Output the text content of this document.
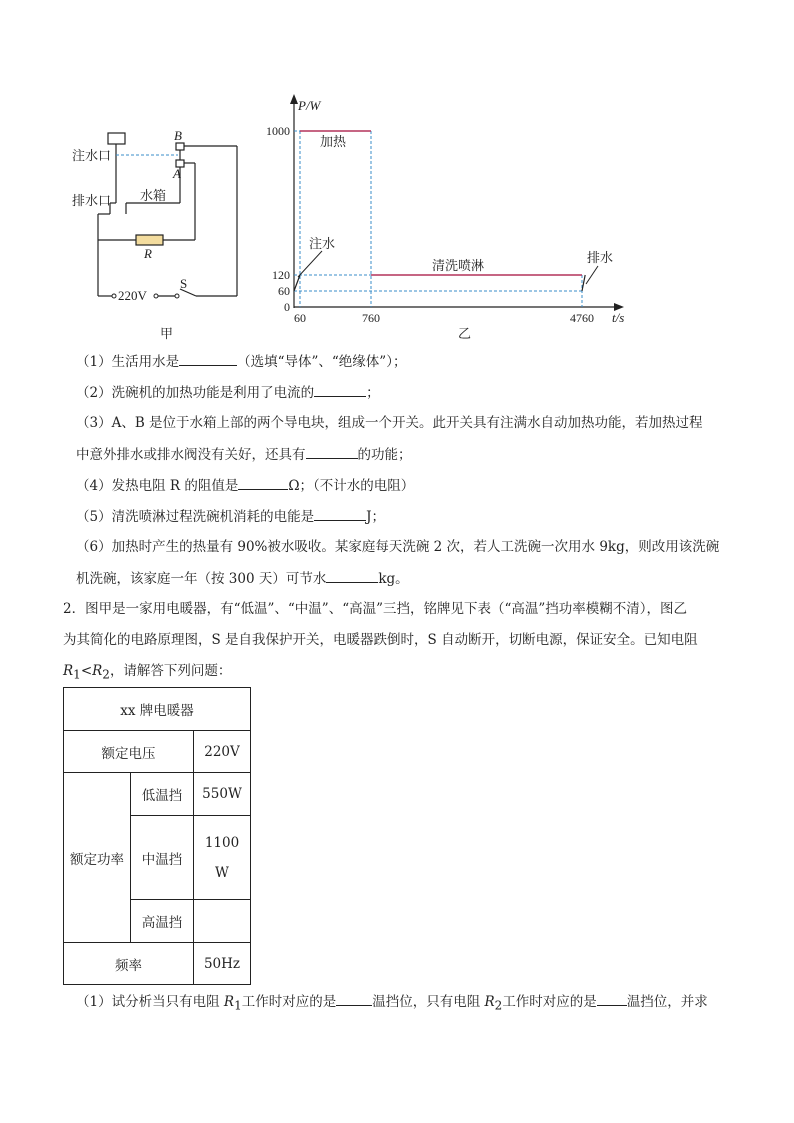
注水口
排水口 水箱
B
A
R
220V
S
甲
1000
120
60
0
60	760	4760
加热
注水
清洗喷淋
排水
P/W
t/s
乙
（1）生活用水是	（选填“导体”、“绝缘体”）；
（2）洗碗机的加热功能是利用了电流的	；
（3）A、B 是位于水箱上部的两个导电块，组成一个开关。此开关具有注满水自动加热功能，若加热过程
中意外排水或排水阀没有关好，还具有	的功能；
（4）发热电阻 R 的阻值是	Ω；（不计水的电阻）
（5）清洗喷淋过程洗碗机消耗的电能是	J；
（6）加热时产生的热量有 90%被水吸收。某家庭每天洗碗 2 次，若人工洗碗一次用水 9kg，则改用该洗碗
机洗碗，该家庭一年（按 300 天）可节水	kg。
2．图甲是一家用电暖器，有“低温”、“中温”、“高温”三挡，铭牌见下表（“高温”挡功率模糊不清），图乙
为其简化的电路原理图，S 是自我保护开关，电暖器跌倒时，S 自动断开，切断电源，保证安全。已知电阻
$R_1<R_2$，请解答下列问题：
xx 牌电暖器		
额定电压		220V
额定功率	低温挡	550W
	中温挡	1100
W
	高温挡	
频率		50Hz
（1）试分析当只有电阻 $R_1$工作时对应的是	温挡位，只有电阻 $R_2$工作时对应的是 温挡位，并求
